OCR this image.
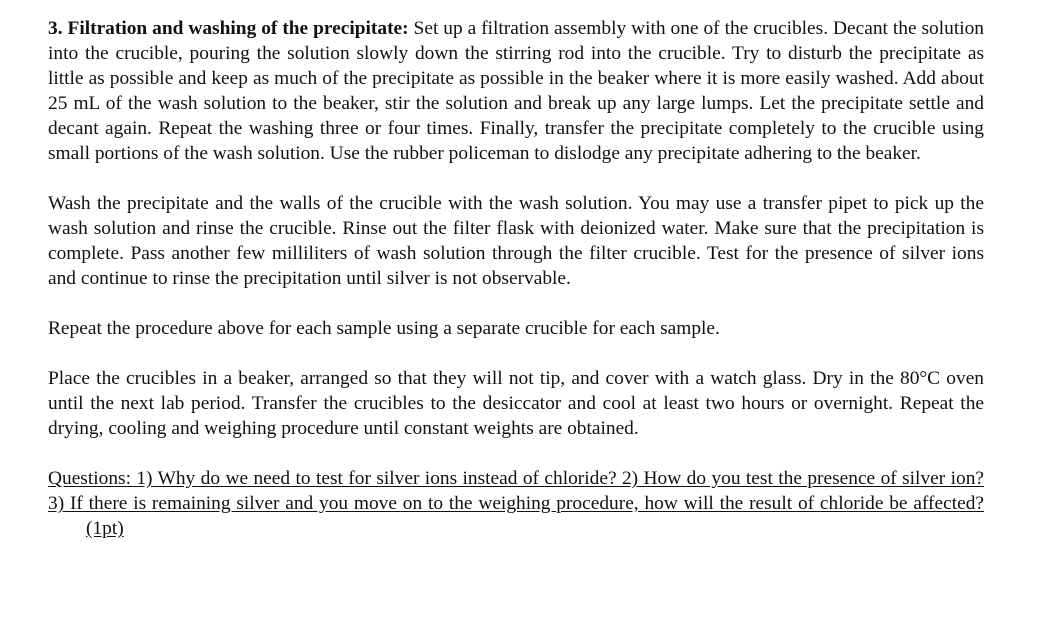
3. Filtration and washing of the precipitate: Set up a filtration assembly with one of the crucibles. Decant the solution into the crucible, pouring the solution slowly down the stirring rod into the crucible. Try to disturb the precipitate as little as possible and keep as much of the precipitate as possible in the beaker where it is more easily washed. Add about 25 mL of the wash solution to the beaker, stir the solution and break up any large lumps. Let the precipitate settle and decant again. Repeat the washing three or four times. Finally, transfer the precipitate completely to the crucible using small portions of the wash solution. Use the rubber policeman to dislodge any precipitate adhering to the beaker.

Wash the precipitate and the walls of the crucible with the wash solution. You may use a transfer pipet to pick up the wash solution and rinse the crucible. Rinse out the filter flask with deionized water. Make sure that the precipitation is complete. Pass another few milliliters of wash solution through the filter crucible. Test for the presence of silver ions and continue to rinse the precipitation until silver is not observable.

Repeat the procedure above for each sample using a separate crucible for each sample.

Place the crucibles in a beaker, arranged so that they will not tip, and cover with a watch glass. Dry in the 80°C oven until the next lab period. Transfer the crucibles to the desiccator and cool at least two hours or overnight. Repeat the drying, cooling and weighing procedure until constant weights are obtained.

Questions: 1) Why do we need to test for silver ions instead of chloride? 2) How do you test the presence of silver ion? 3) If there is remaining silver and you move on to the weighing procedure, how will the result of chloride be affected?(1pt)
